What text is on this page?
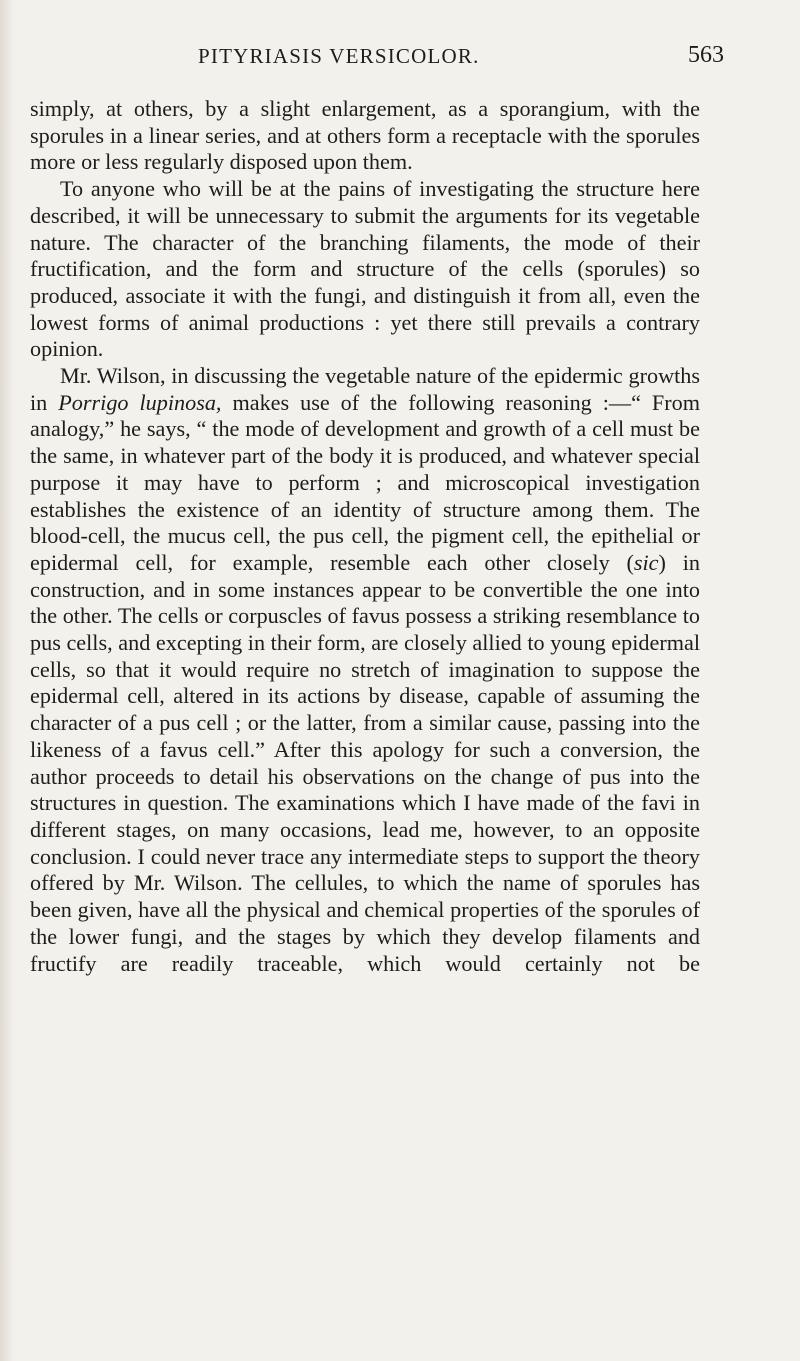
PITYRIASIS VERSICOLOR.	563

simply, at others, by a slight enlargement, as a sporangium, with the sporules in a linear series, and at others form a receptacle with the sporules more or less regularly disposed upon them.

To anyone who will be at the pains of investigating the structure here described, it will be unnecessary to submit the arguments for its vegetable nature. The character of the branching filaments, the mode of their fructification, and the form and structure of the cells (sporules) so produced, associate it with the fungi, and distinguish it from all, even the lowest forms of animal productions : yet there still prevails a contrary opinion.

Mr. Wilson, in discussing the vegetable nature of the epidermic growths in Porrigo lupinosa, makes use of the following reasoning :—“ From analogy,” he says, “ the mode of development and growth of a cell must be the same, in whatever part of the body it is produced, and whatever special purpose it may have to perform ; and microscopical investigation establishes the existence of an identity of structure among them. The blood-cell, the mucus cell, the pus cell, the pigment cell, the epithelial or epidermal cell, for example, resemble each other closely (sic) in construction, and in some instances appear to be convertible the one into the other. The cells or corpuscles of favus possess a striking resemblance to pus cells, and excepting in their form, are closely allied to young epidermal cells, so that it would require no stretch of imagination to suppose the epidermal cell, altered in its actions by disease, capable of assuming the character of a pus cell ; or the latter, from a similar cause, passing into the likeness of a favus cell.” After this apology for such a conversion, the author proceeds to detail his observations on the change of pus into the structures in question. The examinations which I have made of the favi in different stages, on many occasions, lead me, however, to an opposite conclusion. I could never trace any intermediate steps to support the theory offered by Mr. Wilson. The cellules, to which the name of sporules has been given, have all the physical and chemical properties of the sporules of the lower fungi, and the stages by which they develop filaments and fructify are readily traceable, which would certainly not be
